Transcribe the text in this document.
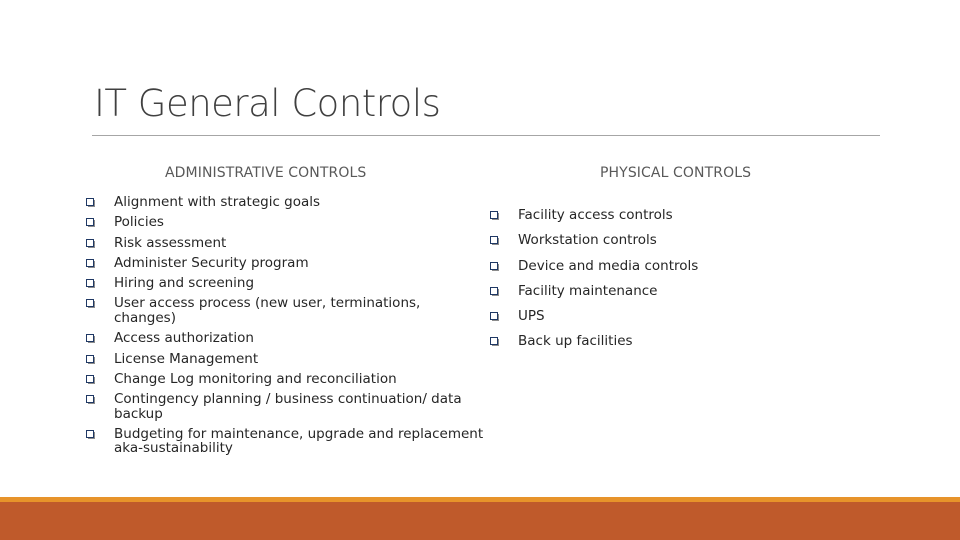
IT General Controls
ADMINISTRATIVE CONTROLS	PHYSICAL CONTROLS
Alignment with strategic goals
Policies
Risk assessment
Administer Security program
Hiring and screening
User access process (new user, terminations, changes)
Access authorization
License Management
Change Log monitoring and reconciliation
Contingency planning / business continuation/ data backup
Budgeting for maintenance, upgrade and replacement aka-sustainability
Facility access controls
Workstation controls
Device and media controls
Facility maintenance
UPS
Back up facilities
